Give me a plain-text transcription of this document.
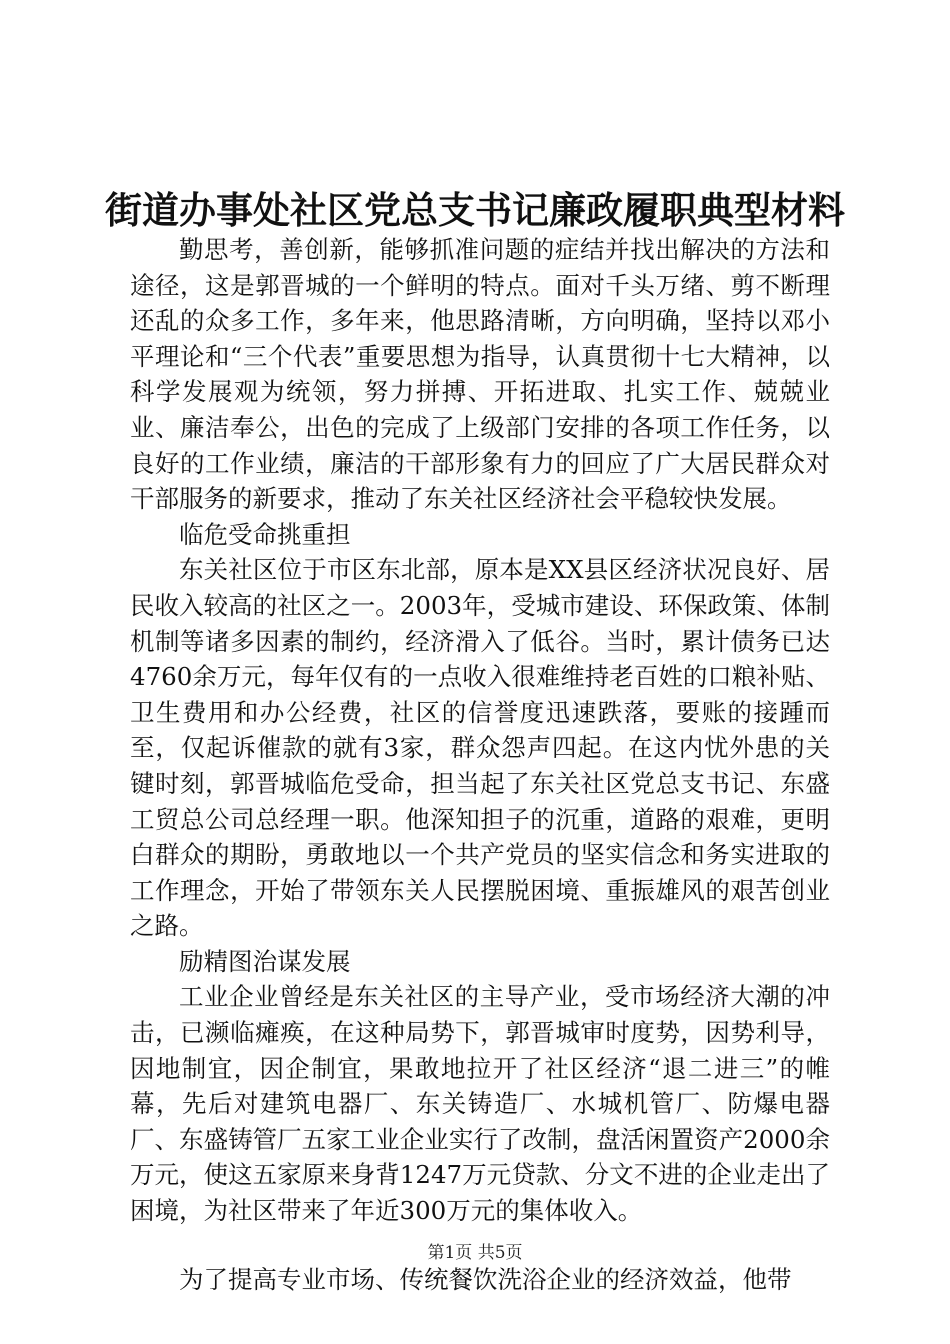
街道办事处社区党总支书记廉政履职典型材料

勤思考，善创新，能够抓准问题的症结并找出解决的方法和途径，这是郭晋城的一个鲜明的特点。面对千头万绪、剪不断理还乱的众多工作，多年来，他思路清晰，方向明确，坚持以邓小平理论和“三个代表”重要思想为指导，认真贯彻十七大精神，以科学发展观为统领，努力拼搏、开拓进取、扎实工作、兢兢业业、廉洁奉公，出色的完成了上级部门安排的各项工作任务，以良好的工作业绩，廉洁的干部形象有力的回应了广大居民群众对干部服务的新要求，推动了东关社区经济社会平稳较快发展。

临危受命挑重担

东关社区位于市区东北部，原本是XX县区经济状况良好、居民收入较高的社区之一。2003年，受城市建设、环保政策、体制机制等诸多因素的制约，经济滑入了低谷。当时，累计债务已达4760余万元，每年仅有的一点收入很难维持老百姓的口粮补贴、卫生费用和办公经费，社区的信誉度迅速跌落，要账的接踵而至，仅起诉催款的就有3家，群众怨声四起。在这内忧外患的关键时刻，郭晋城临危受命，担当起了东关社区党总支书记、东盛工贸总公司总经理一职。他深知担子的沉重，道路的艰难，更明白群众的期盼，勇敢地以一个共产党员的坚实信念和务实进取的工作理念，开始了带领东关人民摆脱困境、重振雄风的艰苦创业之路。

励精图治谋发展

工业企业曾经是东关社区的主导产业，受市场经济大潮的冲击，已濒临瘫痪，在这种局势下，郭晋城审时度势，因势利导，因地制宜，因企制宜，果敢地拉开了社区经济“退二进三”的帷幕，先后对建筑电器厂、东关铸造厂、水城机管厂、防爆电器厂、东盛铸管厂五家工业企业实行了改制，盘活闲置资产2000余万元，使这五家原来身背1247万元贷款、分文不进的企业走出了困境，为社区带来了年近300万元的集体收入。

为了提高专业市场、传统餐饮洗浴企业的经济效益，他带

第1页 共5页
